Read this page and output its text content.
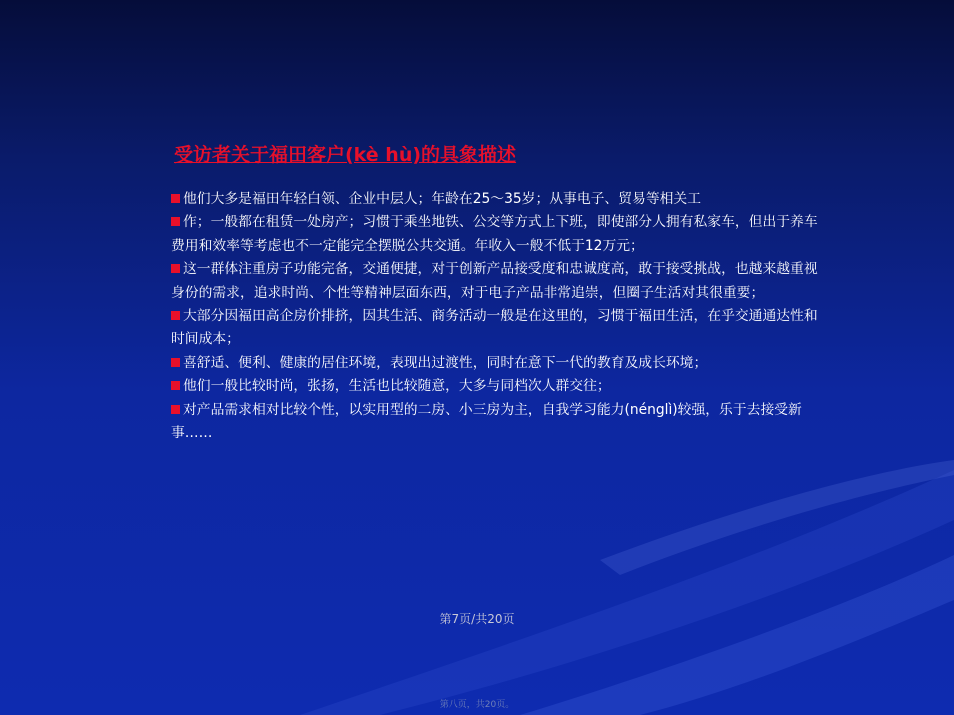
受访者关于福田客户(kè hù)的具象描述

他们大多是福田年轻白领、企业中层人；年龄在25～35岁；从事电子、贸易等相关工

作；一般都在租赁一处房产；习惯于乘坐地铁、公交等方式上下班，即使部分人拥有私家车，但出于养车费用和效率等考虑也不一定能完全摆脱公共交通。年收入一般不低于12万元；

这一群体注重房子功能完备，交通便捷，对于创新产品接受度和忠诚度高，敢于接受挑战，也越来越重视身份的需求，追求时尚、个性等精神层面东西，对于电子产品非常追崇，但圈子生活对其很重要；

大部分因福田高企房价排挤，因其生活、商务活动一般是在这里的，习惯于福田生活，在乎交通通达性和时间成本；

喜舒适、便利、健康的居住环境，表现出过渡性，同时在意下一代的教育及成长环境；

他们一般比较时尚，张扬，生活也比较随意，大多与同档次人群交往；

对产品需求相对比较个性，以实用型的二房、小三房为主，自我学习能力(nénglì)较强，乐于去接受新事……

第7页/共20页
第八页，共20页。
